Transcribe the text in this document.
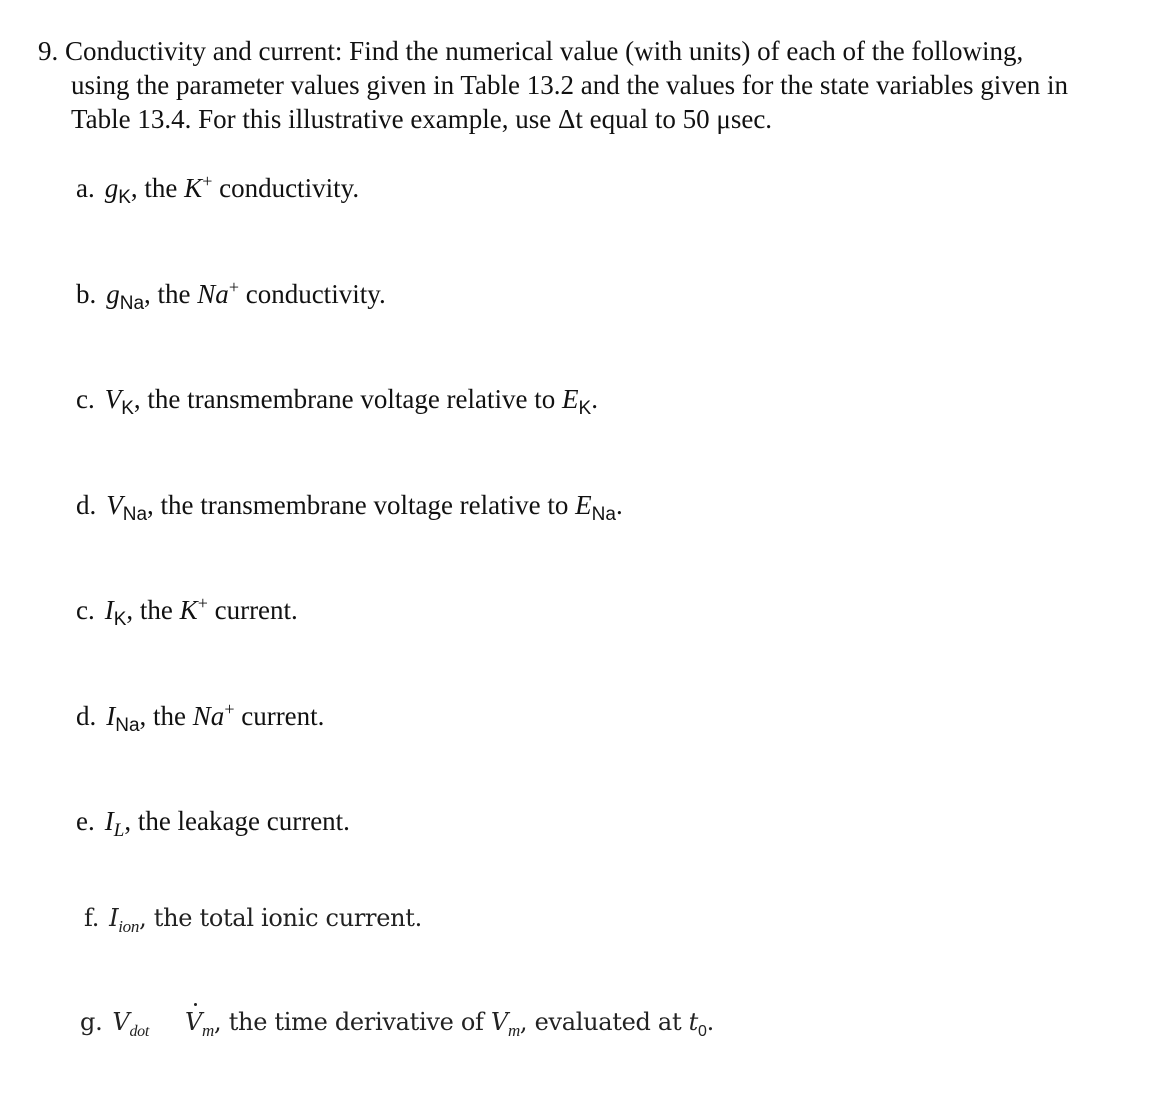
9. Conductivity and current: Find the numerical value (with units) of each of the following,
using the parameter values given in Table 13.2 and the values for the state variables given in
Table 13.4. For this illustrative example, use Δt equal to 50 μsec.
a. $g_K$, the K+ conductivity.
b. $g_{Na}$, the Na+ conductivity.
c. $V_K$, the transmembrane voltage relative to $E_K$.
d. $V_{Na}$, the transmembrane voltage relative to $E_{Na}$.
c. $I_K$, the K+ current.
d. $I_{Na}$, the Na+ current.
e. $I_L$, the leakage current.
f. $I_{ion}$, the total ionic current.
g. $V_{dot}$ $V_m$, the time derivative of $V_m$, evaluated at $t_0$.
